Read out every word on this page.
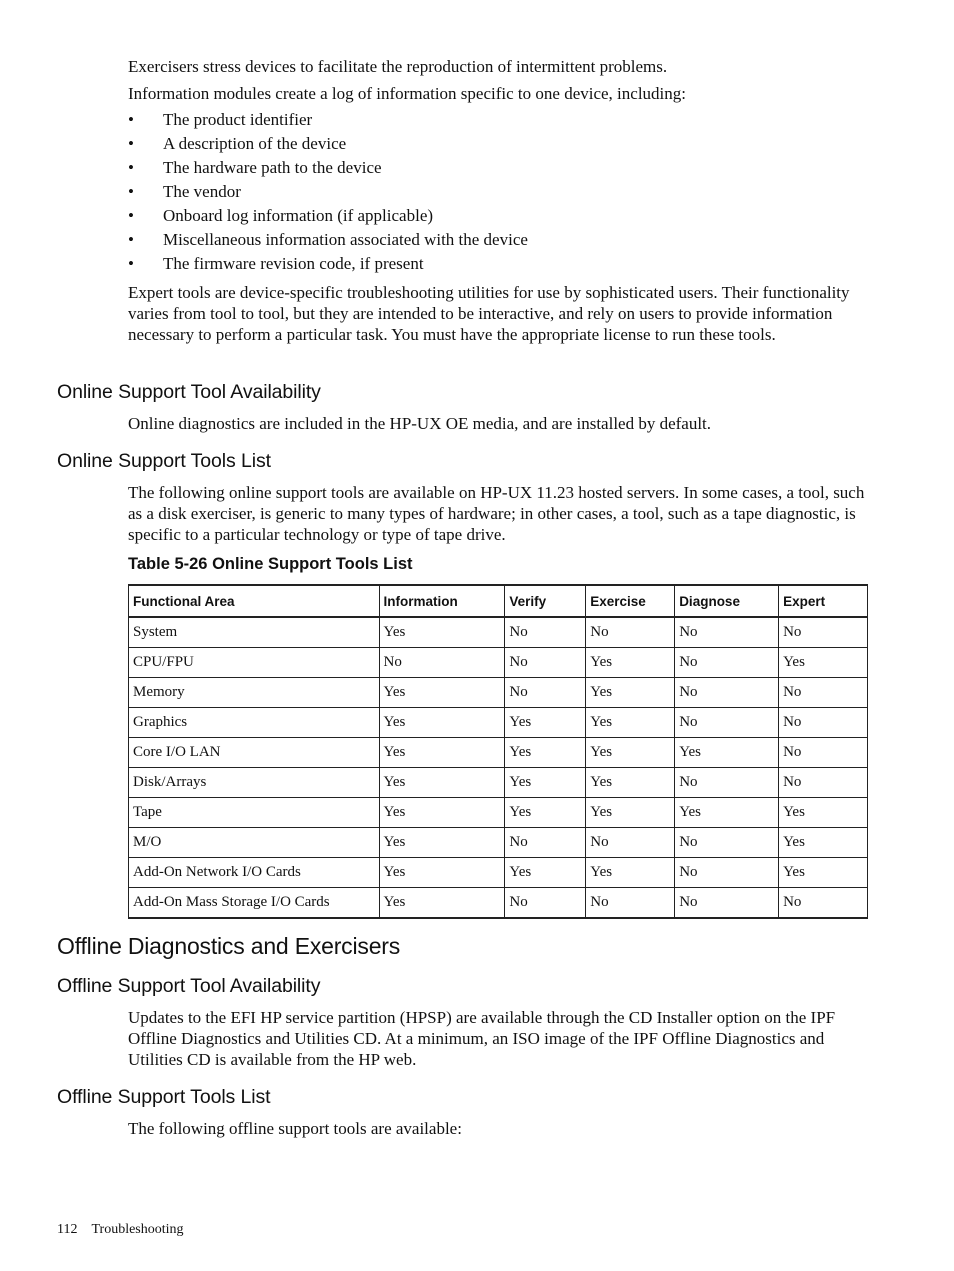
Exercisers stress devices to facilitate the reproduction of intermittent problems.
Information modules create a log of information specific to one device, including:
• The product identifier
• A description of the device
• The hardware path to the device
• The vendor
• Onboard log information (if applicable)
• Miscellaneous information associated with the device
• The firmware revision code, if present
Expert tools are device-specific troubleshooting utilities for use by sophisticated users. Their functionality varies from tool to tool, but they are intended to be interactive, and rely on users to provide information necessary to perform a particular task. You must have the appropriate license to run these tools.
Online Support Tool Availability
Online diagnostics are included in the HP-UX OE media, and are installed by default.
Online Support Tools List
The following online support tools are available on HP-UX 11.23 hosted servers. In some cases, a tool, such as a disk exerciser, is generic to many types of hardware; in other cases, a tool, such as a tape diagnostic, is specific to a particular technology or type of tape drive.
Table 5-26 Online Support Tools List
Functional Area	Information	Verify	Exercise	Diagnose	Expert
System	Yes	No	No	No	No
CPU/FPU	No	No	Yes	No	Yes
Memory	Yes	No	Yes	No	No
Graphics	Yes	Yes	Yes	No	No
Core I/O LAN	Yes	Yes	Yes	Yes	No
Disk/Arrays	Yes	Yes	Yes	No	No
Tape	Yes	Yes	Yes	Yes	Yes
M/O	Yes	No	No	No	Yes
Add-On Network I/O Cards	Yes	Yes	Yes	No	Yes
Add-On Mass Storage I/O Cards	Yes	No	No	No	No
Offline Diagnostics and Exercisers
Offline Support Tool Availability
Updates to the EFI HP service partition (HPSP) are available through the CD Installer option on the IPF Offline Diagnostics and Utilities CD. At a minimum, an ISO image of the IPF Offline Diagnostics and Utilities CD is available from the HP web.
Offline Support Tools List
The following offline support tools are available:
112 Troubleshooting
